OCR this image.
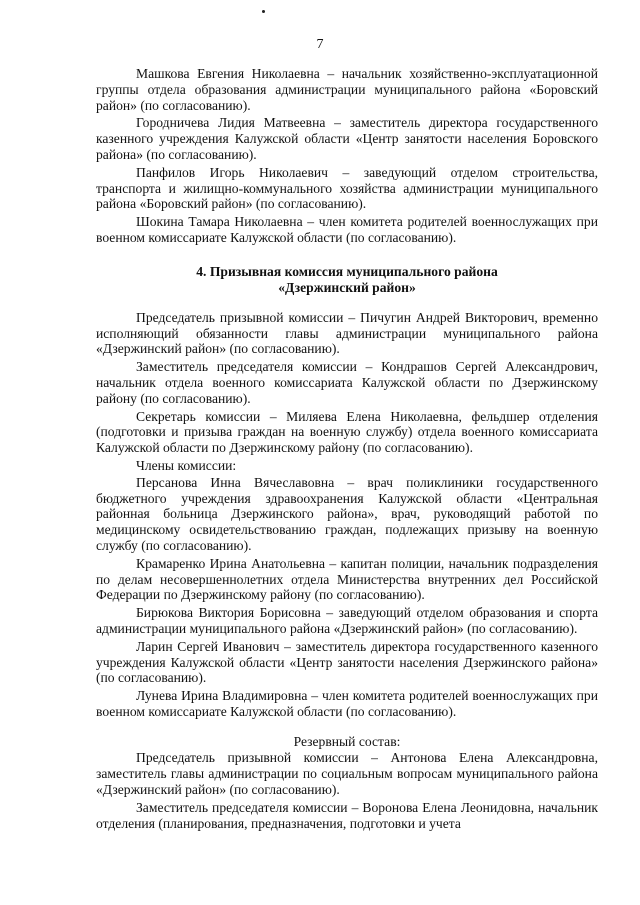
7

Машкова Евгения Николаевна – начальник хозяйственно-эксплуатационной группы отдела образования администрации муниципального района «Боровский район» (по согласованию).

Городничева Лидия Матвеевна – заместитель директора государственного казенного учреждения Калужской области «Центр занятости населения Боровского района» (по согласованию).

Панфилов Игорь Николаевич – заведующий отделом строительства, транспорта и жилищно-коммунального хозяйства администрации муниципального района «Боровский район» (по согласованию).

Шокина Тамара Николаевна – член комитета родителей военнослужащих при военном комиссариате Калужской области (по согласованию).

4. Призывная комиссия муниципального района
«Дзержинский район»

Председатель призывной комиссии – Пичугин Андрей Викторович, временно исполняющий обязанности главы администрации муниципального района «Дзержинский район» (по согласованию).

Заместитель председателя комиссии – Кондрашов Сергей Александрович, начальник отдела военного комиссариата Калужской области по Дзержинскому району (по согласованию).

Секретарь комиссии – Миляева Елена Николаевна, фельдшер отделения (подготовки и призыва граждан на военную службу) отдела военного комиссариата Калужской области по Дзержинскому району (по согласованию).

Члены комиссии:

Персанова Инна Вячеславовна – врач поликлиники государственного бюджетного учреждения здравоохранения Калужской области «Центральная районная больница Дзержинского района», врач, руководящий работой по медицинскому освидетельствованию граждан, подлежащих призыву на военную службу (по согласованию).

Крамаренко Ирина Анатольевна – капитан полиции, начальник подразделения по делам несовершеннолетних отдела Министерства внутренних дел Российской Федерации по Дзержинскому району (по согласованию).

Бирюкова Виктория Борисовна – заведующий отделом образования и спорта администрации муниципального района «Дзержинский район» (по согласованию).

Ларин Сергей Иванович – заместитель директора государственного казенного учреждения Калужской области «Центр занятости населения Дзержинского района» (по согласованию).

Лунева Ирина Владимировна – член комитета родителей военнослужащих при военном комиссариате Калужской области (по согласованию).

Резервный состав:

Председатель призывной комиссии – Антонова Елена Александровна, заместитель главы администрации по социальным вопросам муниципального района «Дзержинский район» (по согласованию).

Заместитель председателя комиссии – Воронова Елена Леонидовна, начальник отделения (планирования, предназначения, подготовки и учета
